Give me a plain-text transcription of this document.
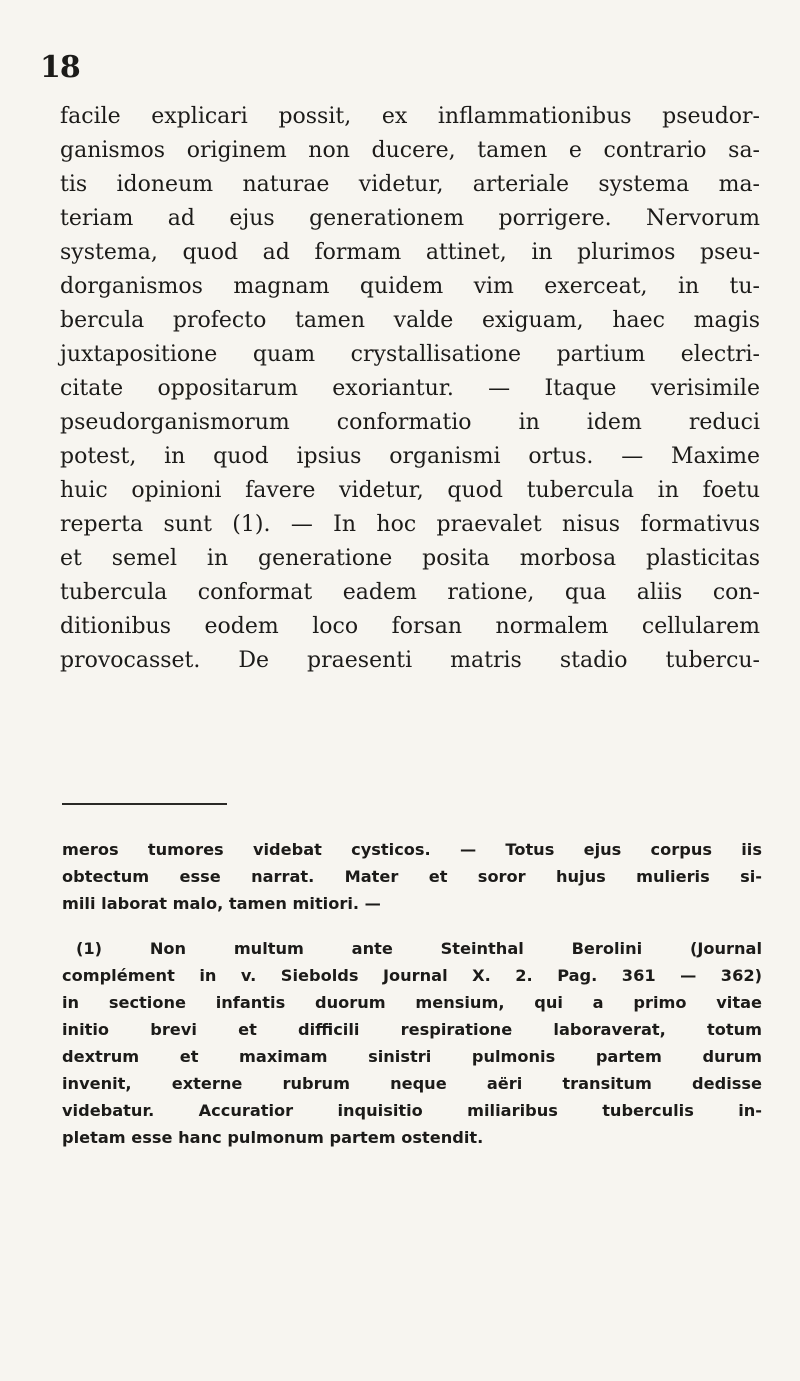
18
facile explicari possit, ex inflammationibus pseudor-
ganismos originem non ducere, tamen e contrario sa-
tis idoneum naturae videtur, arteriale systema ma-
teriam ad ejus generationem porrigere. Nervorum
systema, quod ad formam attinet, in plurimos pseu-
dorganismos magnam quidem vim exerceat, in tu-
bercula profecto tamen valde exiguam, haec magis
juxtapositione quam crystallisatione partium electri-
citate oppositarum exoriantur. — Itaque verisimile
pseudorganismorum conformatio in idem reduci
potest, in quod ipsius organismi ortus. — Maxime
huic opinioni favere videtur, quod tubercula in foetu
reperta sunt (1). — In hoc praevalet nisus formativus
et semel in generatione posita morbosa plasticitas
tubercula conformat eadem ratione, qua aliis con-
ditionibus eodem loco forsan normalem cellularem
provocasset. De praesenti matris stadio tubercu-
meros tumores videbat cysticos. — Totus ejus corpus iis
obtectum esse narrat. Mater et soror hujus mulieris si-
mili laborat malo, tamen mitiori. —
(1) Non multum ante Steinthal Berolini (Journal
complément in v. Siebolds Journal X. 2. Pag. 361 — 362)
in sectione infantis duorum mensium, qui a primo vitae
initio brevi et difficili respiratione laboraverat, totum
dextrum et maximam sinistri pulmonis partem durum
invenit, externe rubrum neque aëri transitum dedisse
videbatur. Accuratior inquisitio miliaribus tuberculis in-
pletam esse hanc pulmonum partem ostendit.
